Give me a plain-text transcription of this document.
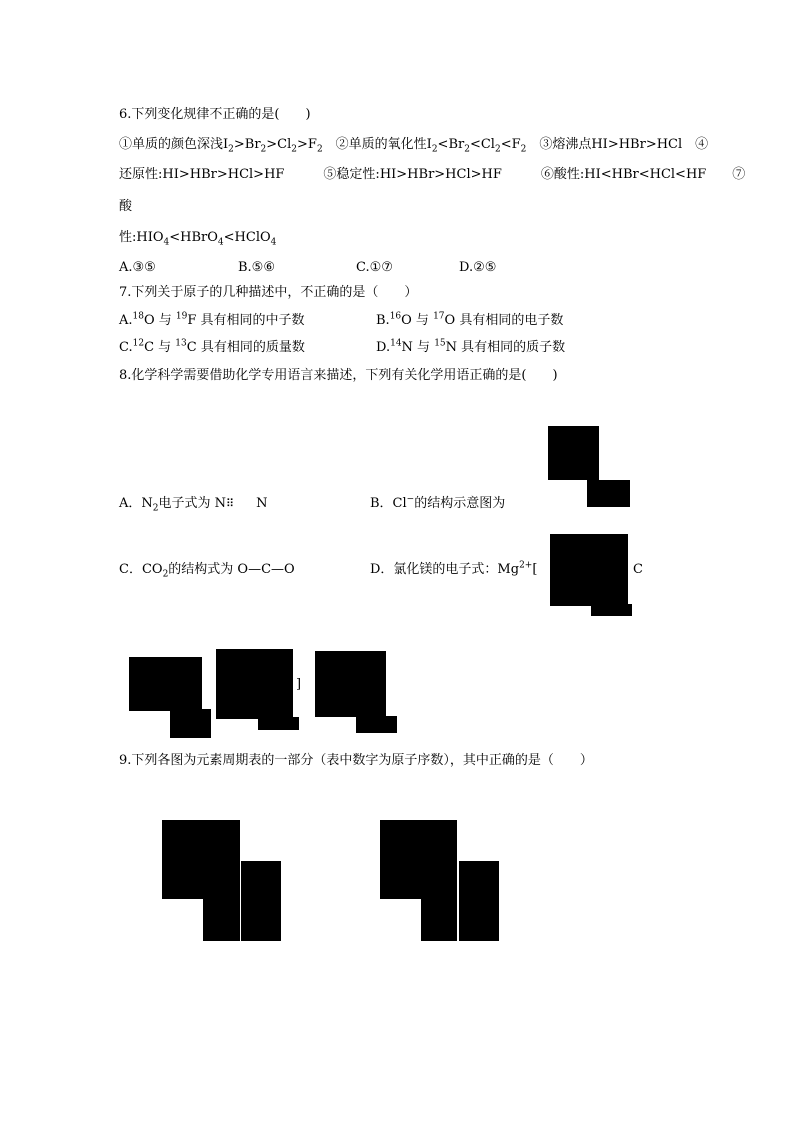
6.下列变化规律不正确的是(　　)
①单质的颜色深浅$I_2>Br_2>Cl_2>F_2$　②单质的氧化性$I_2<Br_2<Cl_2<F_2$　③熔沸点HI>HBr>HCl　④
还原性:HI>HBr>HCl>HF　　　⑤稳定性:HI>HBr>HCl>HF　　　⑥酸性:HI<HBr<HCl<HF　　⑦
酸
性$:HIO_4<HBrO_4<HClO_4$
A.③⑤	B.⑤⑥	C.①⑦	D.②⑤
7.下列关于原子的几种描述中，不正确的是（　　）
A.$^{18}$O 与 $^{19}$F 具有相同的中子数	B.$^{16}$O 与 $^{17}$O 具有相同的电子数
C.$^{12}$C 与 $^{13}$C 具有相同的质量数	D.$^{14}$N 与 $^{15}$N 具有相同的质子数
8.化学科学需要借助化学专用语言来描述，下列有关化学用语正确的是(　　)
A．$N_2$电子式为 N⠿ N	B．Cl−的结构示意图为
C．$CO_2$的结构式为 O—C—O	D．氯化镁的电子式：$Mg^{2+}$[	C
]
9.下列各图为元素周期表的一部分（表中数字为原子序数），其中正确的是（　　）
